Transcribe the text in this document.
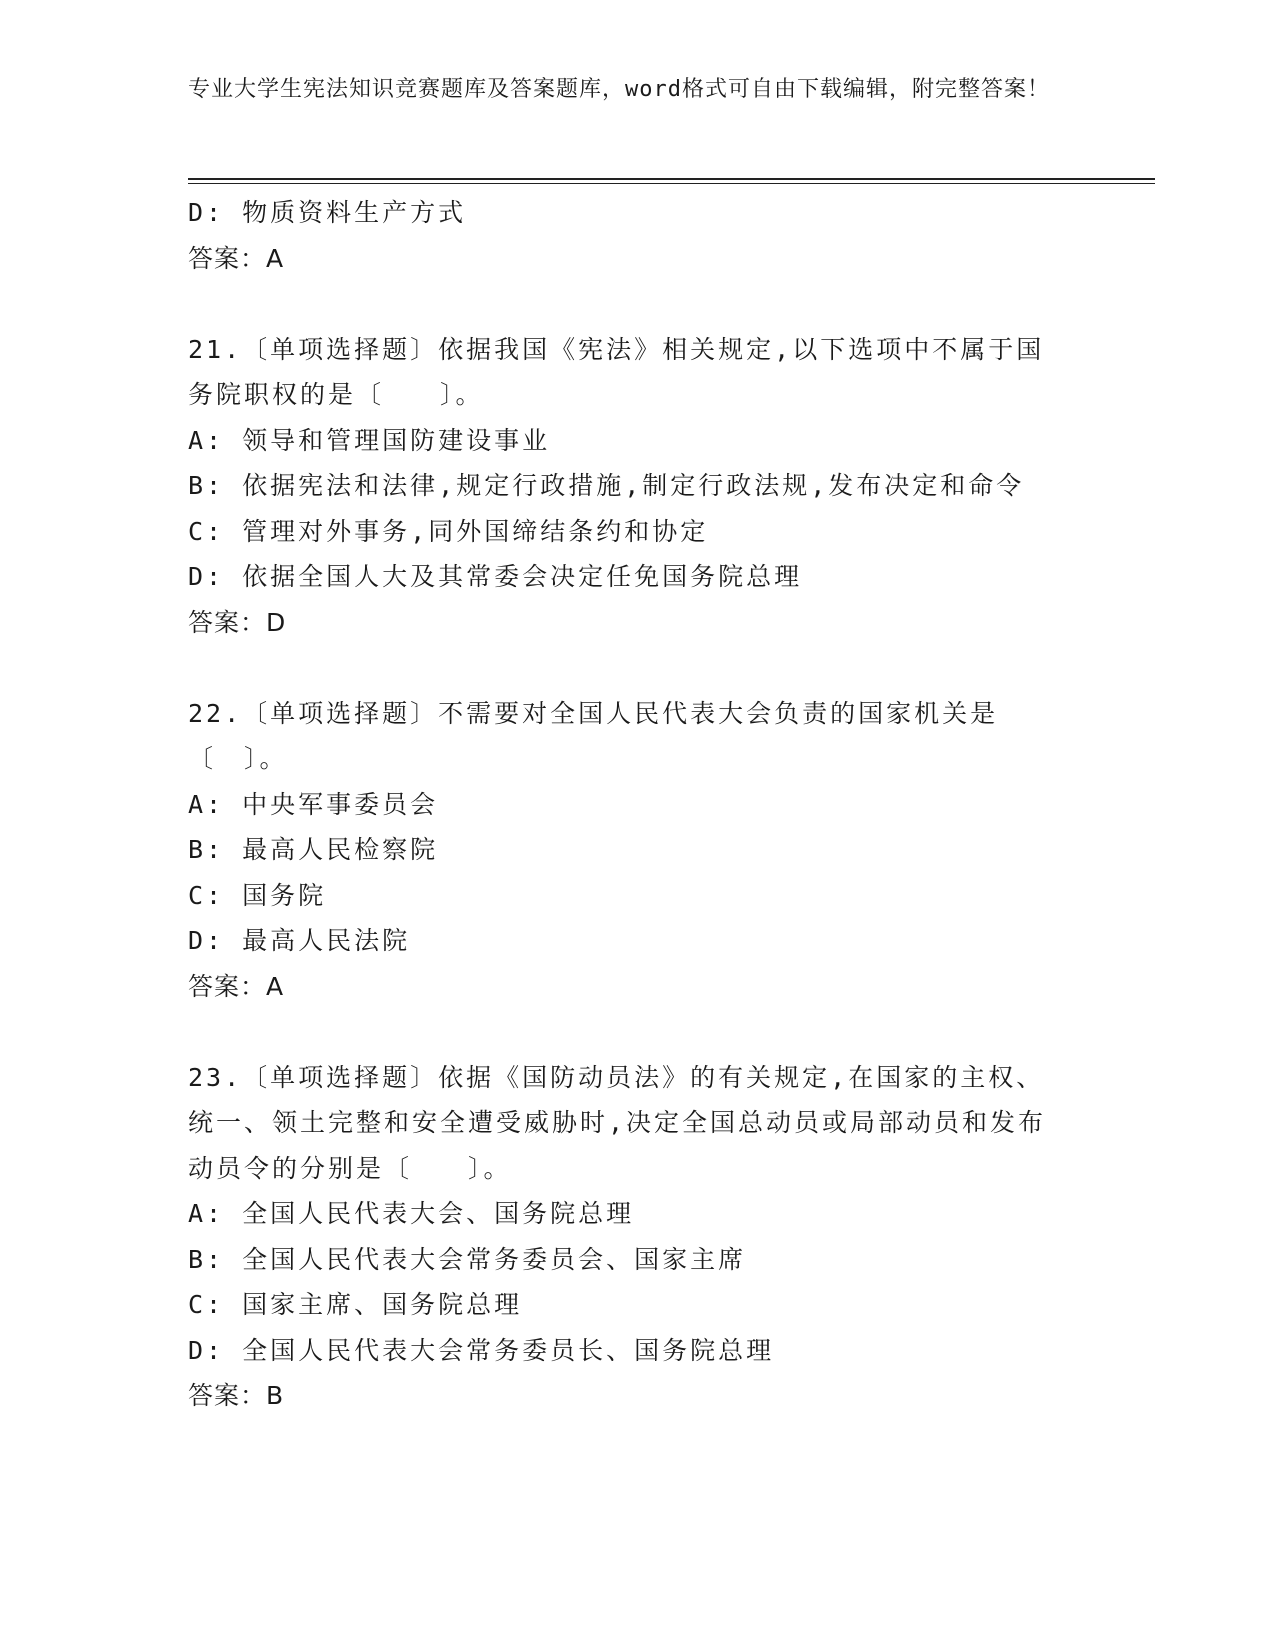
专业大学生宪法知识竞赛题库及答案题库，word格式可自由下载编辑，附完整答案！

D: 物质资料生产方式

答案：A

21.〔单项选择题〕依据我国《宪法》相关规定,以下选项中不属于国务院职权的是〔　　〕。

A: 领导和管理国防建设事业

B: 依据宪法和法律,规定行政措施,制定行政法规,发布决定和命令

C: 管理对外事务,同外国缔结条约和协定

D: 依据全国人大及其常委会决定任免国务院总理

答案：D

22.〔单项选择题〕不需要对全国人民代表大会负责的国家机关是〔　〕。

A: 中央军事委员会

B: 最高人民检察院

C: 国务院

D: 最高人民法院

答案：A

23.〔单项选择题〕依据《国防动员法》的有关规定,在国家的主权、统一、领土完整和安全遭受威胁时,决定全国总动员或局部动员和发布动员令的分别是〔　　〕。

A: 全国人民代表大会、国务院总理

B: 全国人民代表大会常务委员会、国家主席

C: 国家主席、国务院总理

D: 全国人民代表大会常务委员长、国务院总理

答案：B
